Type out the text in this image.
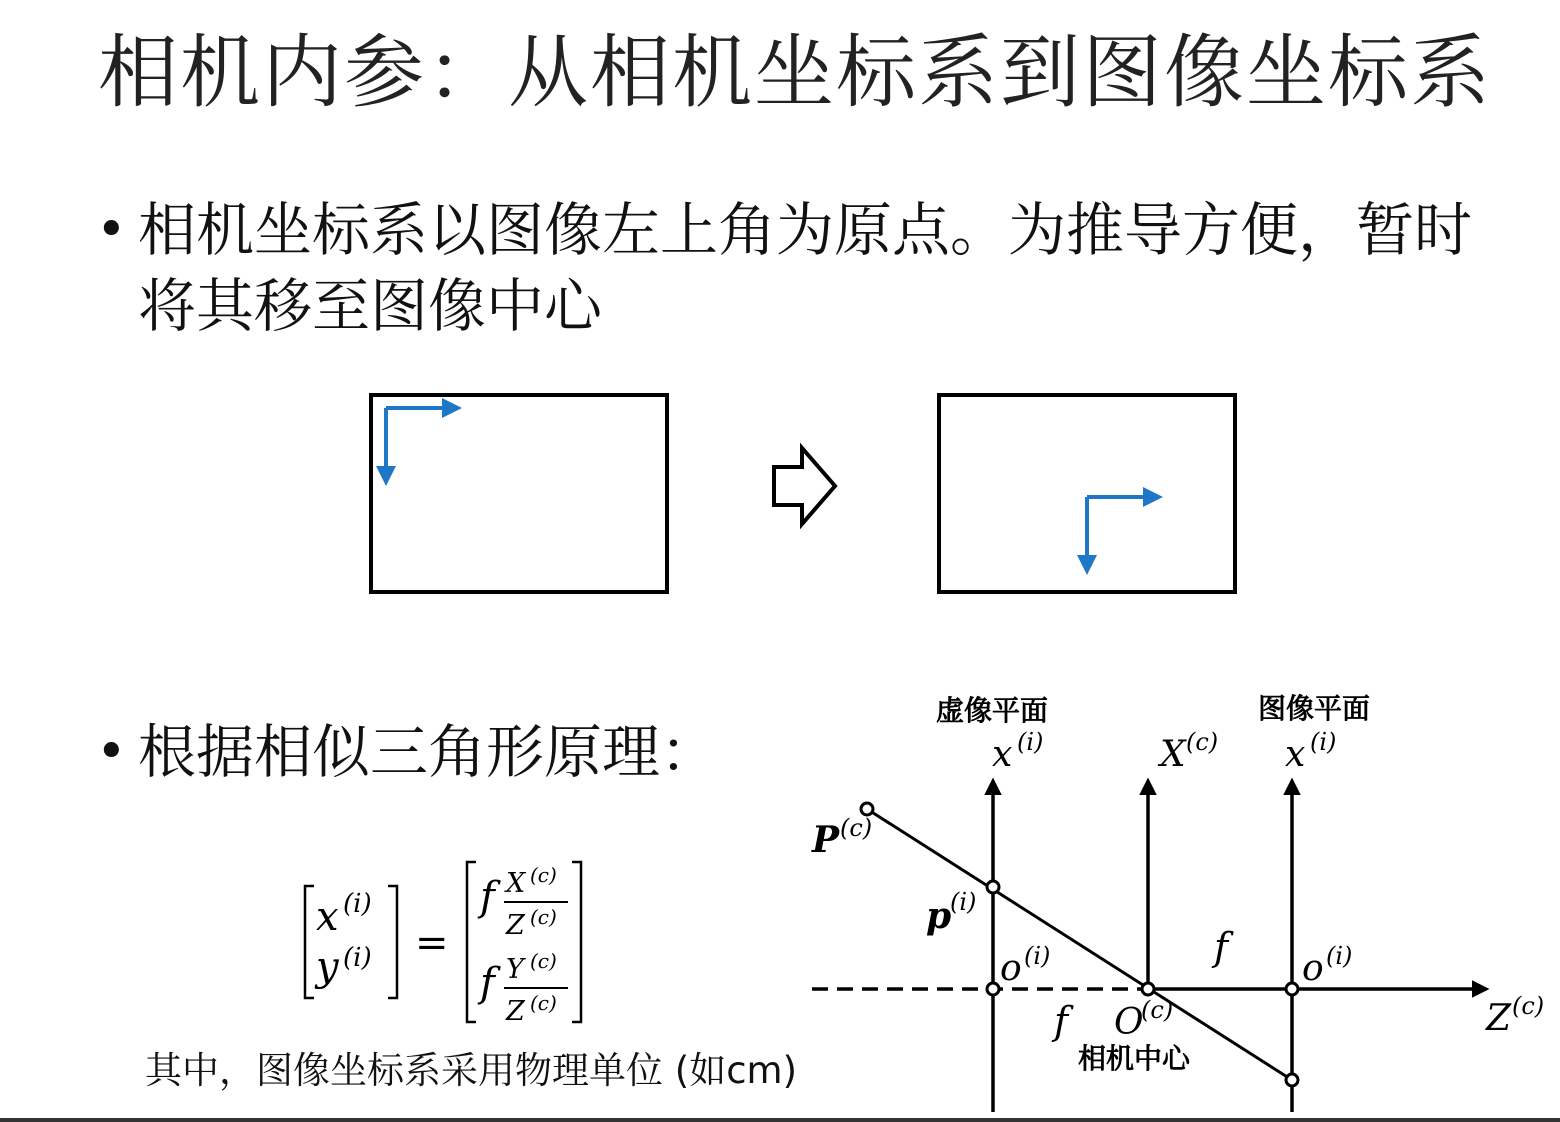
相机内参：从相机坐标系到图像坐标系
• 相机坐标系以图像左上角为原点。为推导方便，暂时将其移至图像中心
• 根据相似三角形原理：
其中，图像坐标系采用物理单位 (如cm)
x (i)
y (i) =
f X (c)
Z (c)
f Y (c)
Z (c)
虚像平面	图像平面
相机中心
x (i)	X (c) x (i)
Z (c)
P (c)
p
(i)
o (i)
O
(c)
o (i)
f
f
